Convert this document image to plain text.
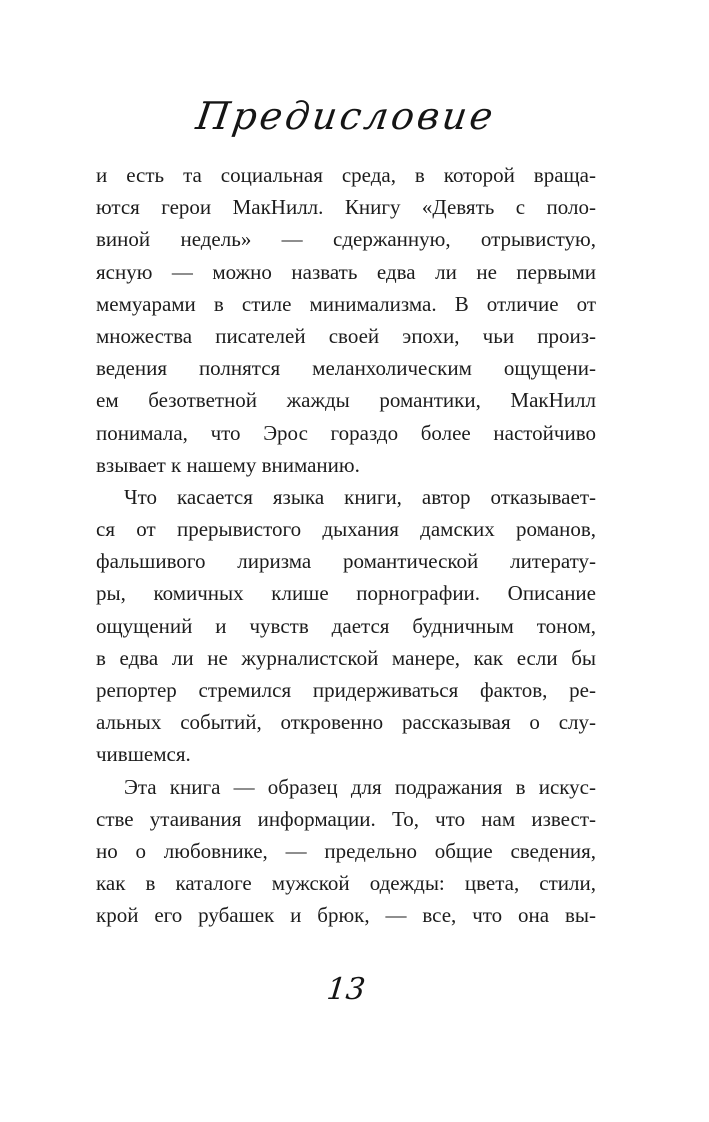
Предисловие
и есть та социальная среда, в которой враща-
ются герои МакНилл. Книгу «Девять с поло-
виной недель» — сдержанную, отрывистую,
ясную — можно назвать едва ли не первыми
мемуарами в стиле минимализма. В отличие от
множества писателей своей эпохи, чьи произ-
ведения полнятся меланхолическим ощущени-
ем безответной жажды романтики, МакНилл
понимала, что Эрос гораздо более настойчиво
взывает к нашему вниманию.
Что касается языка книги, автор отказывает-
ся от прерывистого дыхания дамских романов,
фальшивого лиризма романтической литерату-
ры, комичных клише порнографии. Описание
ощущений и чувств дается будничным тоном,
в едва ли не журналистской манере, как если бы
репортер стремился придерживаться фактов, ре-
альных событий, откровенно рассказывая о слу-
чившемся.
Эта книга — образец для подражания в искус-
стве утаивания информации. То, что нам извест-
но о любовнике, — предельно общие сведения,
как в каталоге мужской одежды: цвета, стили,
крой его рубашек и брюк, — все, что она вы-
13
